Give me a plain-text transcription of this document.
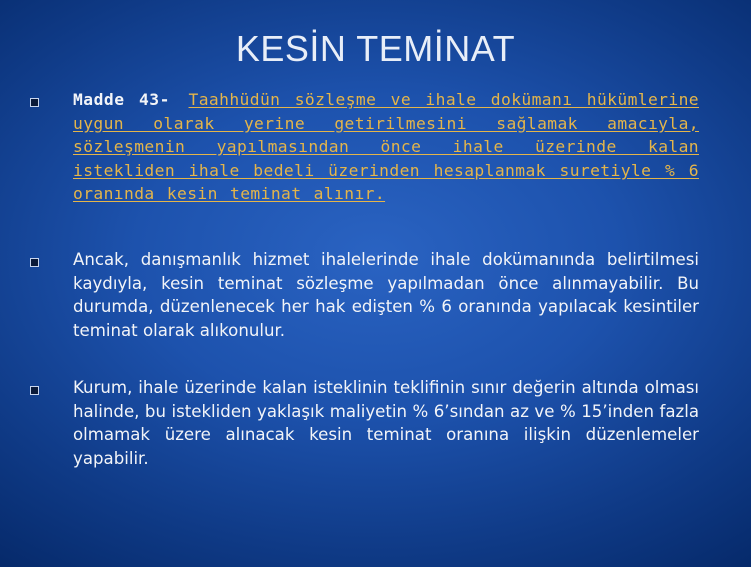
KESİN TEMİNAT

Madde 43- Taahhüdün sözleşme ve ihale dokümanı hükümlerine uygun olarak yerine getirilmesini sağlamak amacıyla, sözleşmenin yapılmasından önce ihale üzerinde kalan istekliden ihale bedeli üzerinden hesaplanmak suretiyle % 6 oranında kesin teminat alınır.

Ancak, danışmanlık hizmet ihalelerinde ihale dokümanında belirtilmesi kaydıyla, kesin teminat sözleşme yapılmadan önce alınmayabilir. Bu durumda, düzenlenecek her hak edişten % 6 oranında yapılacak kesintiler teminat olarak alıkonulur.

Kurum, ihale üzerinde kalan isteklinin teklifinin sınır değerin altında olması halinde, bu istekliden yaklaşık maliyetin % 6’sından az ve % 15’inden fazla olmamak üzere alınacak kesin teminat oranına ilişkin düzenlemeler yapabilir.
